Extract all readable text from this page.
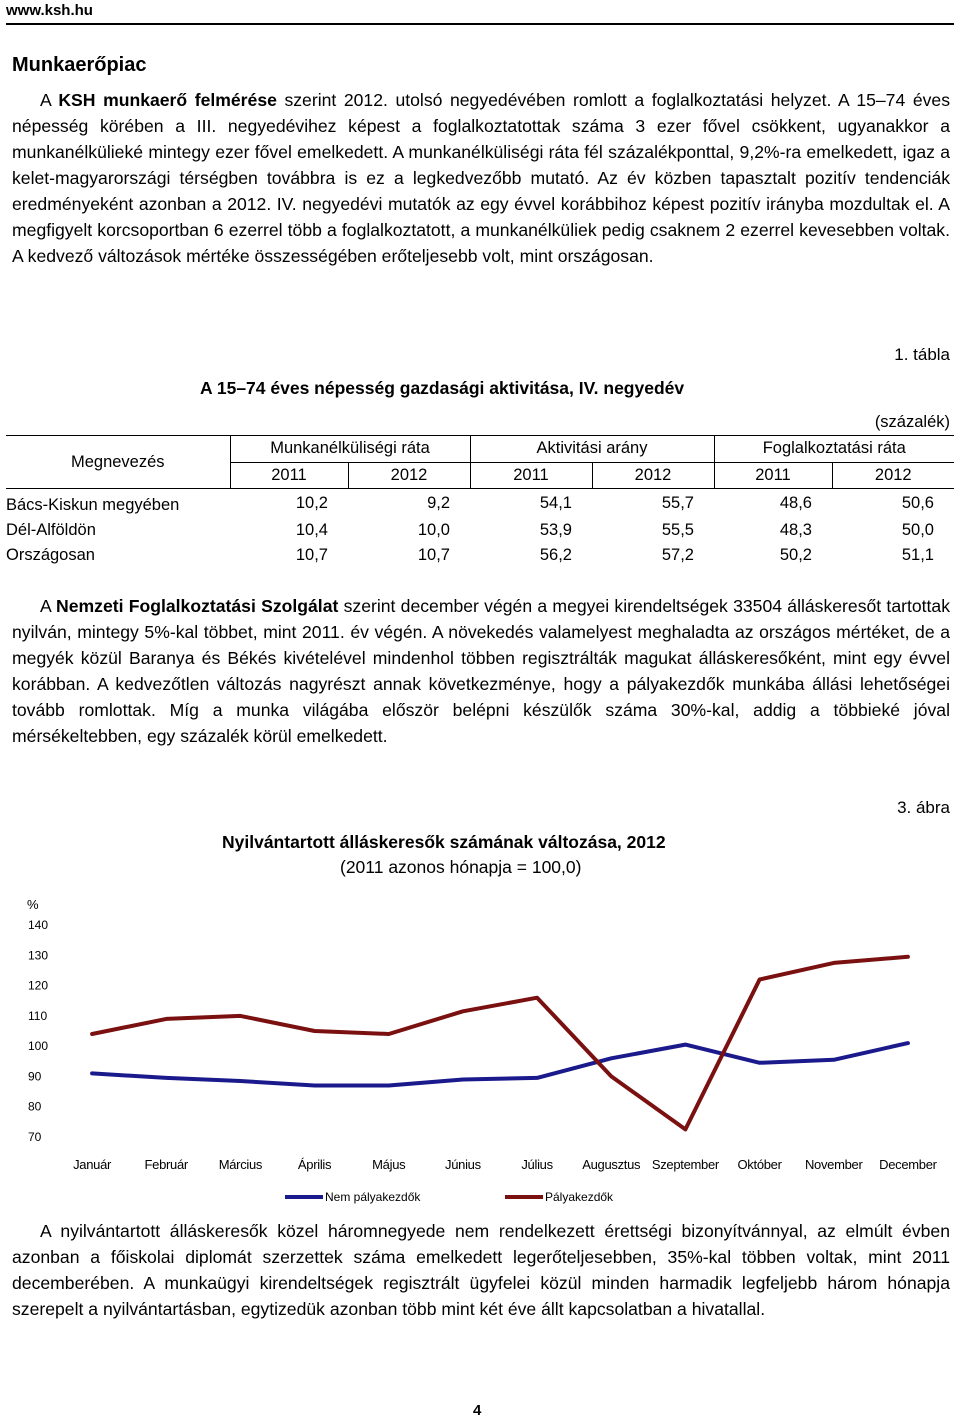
www.ksh.hu
Munkaerőpiac
A KSH munkaerő felmérése szerint 2012. utolsó negyedévében romlott a foglalkoztatási helyzet. A 15–74 éves népesség körében a III. negyedévihez képest a foglalkoztatottak száma 3 ezer fővel csökkent, ugyanakkor a munkanélkülieké mintegy ezer fővel emelkedett. A munkanélküliségi ráta fél százalékponttal, 9,2%-ra emelkedett, igaz a kelet-magyarországi térségben továbbra is ez a legkedvezőbb mutató. Az év közben tapasztalt pozitív tendenciák eredményeként azonban a 2012. IV. negyedévi mutatók az egy évvel korábbihoz képest pozitív irányba mozdultak el. A megfigyelt korcsoportban 6 ezerrel több a foglalkoztatott, a munkanélküliek pedig csaknem 2 ezerrel kevesebben voltak. A kedvező változások mértéke összességében erőteljesebb volt, mint országosan.
1. tábla
A 15–74 éves népesség gazdasági aktivitása, IV. negyedév
(százalék)
Megnevezés	Munkanélküliségi ráta		Aktivitási arány		Foglalkoztatási ráta	
	2011	2012	2011	2012	2011	2012
Bács-Kiskun megyében	10,2	9,2	54,1	55,7	48,6	50,6
Dél-Alföldön	10,4	10,0	53,9	55,5	48,3	50,0
Országosan	10,7	10,7	56,2	57,2	50,2	51,1
A Nemzeti Foglalkoztatási Szolgálat szerint december végén a megyei kirendeltségek 33504 álláskeresőt tartottak nyilván, mintegy 5%-kal többet, mint 2011. év végén. A növekedés valamelyest meghaladta az országos mértéket, de a megyék közül Baranya és Békés kivételével mindenhol többen regisztrálták magukat álláskeresőként, mint egy évvel korábban. A kedvezőtlen változás nagyrészt annak következménye, hogy a pályakezdők munkába állási lehetőségei tovább romlottak. Míg a munka világába először belépni készülők száma 30%-kal, addig a többieké jóval mérsékeltebben, egy százalék körül emelkedett.
3. ábra
Nyilvántartott álláskeresők számának változása, 2012
(2011 azonos hónapja = 100,0)
%
70
80
90
100
110
120
130
140
Január	Február Március	Április	Május	Június	Július Augusztus Szeptember Október November December
Nem pályakezdők	Pályakezdők
A nyilvántartott álláskeresők közel háromnegyede nem rendelkezett érettségi bizonyítvánnyal, az elmúlt évben azonban a főiskolai diplomát szerzettek száma emelkedett legerőteljesebben, 35%-kal többen voltak, mint 2011 decemberében. A munkaügyi kirendeltségek regisztrált ügyfelei közül minden harmadik legfeljebb három hónapja szerepelt a nyilvántartásban, egytizedük azonban több mint két éve állt kapcsolatban a hivatallal.
4
